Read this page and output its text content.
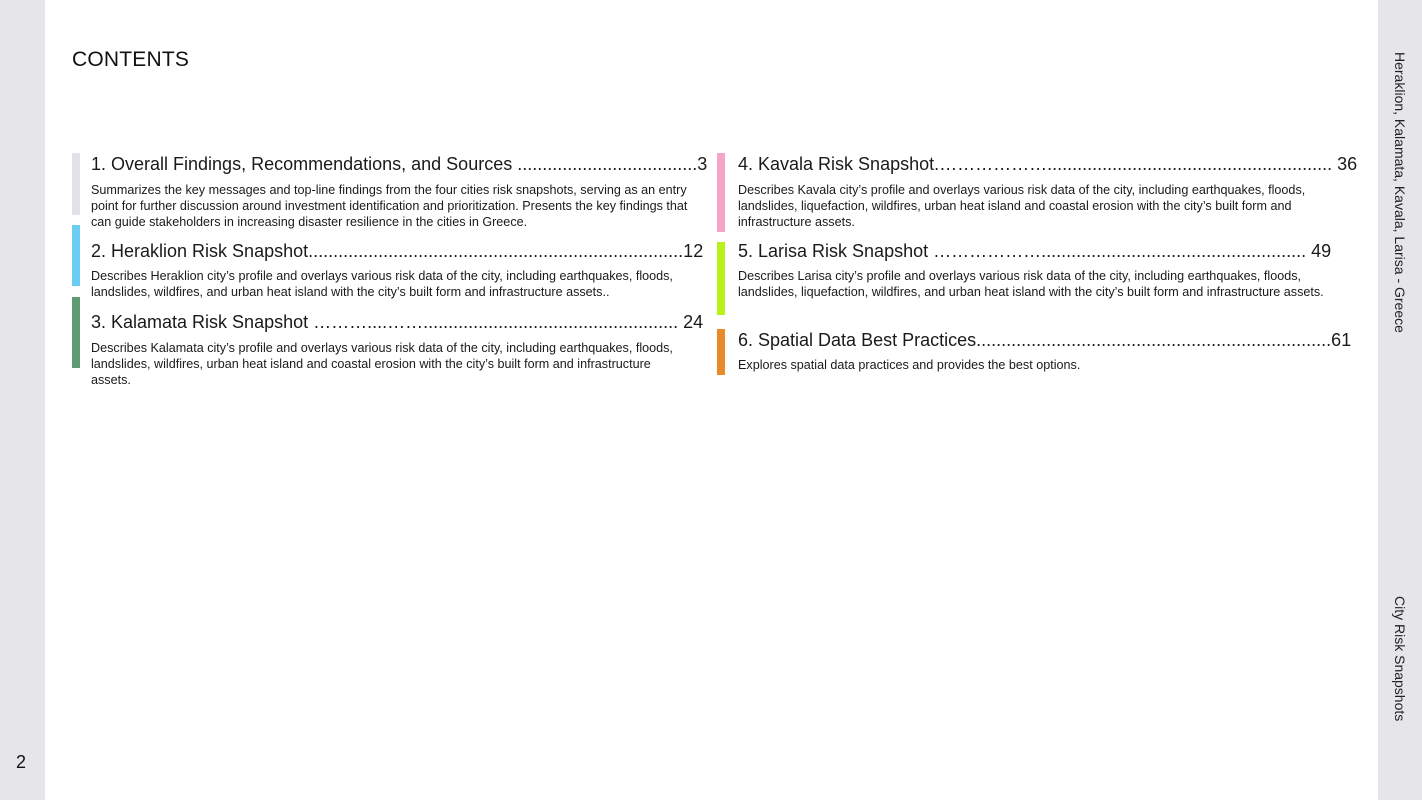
2
Heraklion, Kalamata, Kavala, Larisa - Greece
City Risk Snapshots
CONTENTS
1. Overall Findings, Recommendations, and Sources ....................................3
Summarizes the key messages and top-line findings from the four cities risk snapshots, serving as an entry point for further discussion around investment identification and prioritization. Presents the key findings that can guide stakeholders in increasing disaster resilience in the cities in Greece.
2. Heraklion Risk Snapshot...........................................................................12
Describes Heraklion city’s profile and overlays various risk data of the city, including earthquakes, floods, landslides, wildfires, and urban heat island with the city’s built form and infrastructure assets..
3. Kalamata Risk Snapshot ………....……................................................... 24
Describes Kalamata city’s profile and overlays various risk data of the city, including earthquakes, floods, landslides, wildfires, urban heat island and coastal erosion with the city’s built form and infrastructure assets.
4. Kavala Risk Snapshot.………………......................................................... 36
Describes Kavala city’s profile and overlays various risk data of the city, including earthquakes, floods, landslides, liquefaction, wildfires, urban heat island and coastal erosion with the city’s built form and infrastructure assets.
5. Larisa Risk Snapshot ………………..................................................... 49
Describes Larisa city’s profile and overlays various risk data of the city, including earthquakes, floods, landslides, liquefaction, wildfires, and urban heat island with the city’s built form and infrastructure assets.
6. Spatial Data Best Practices.......................................................................61
Explores spatial data practices and provides the best options.
